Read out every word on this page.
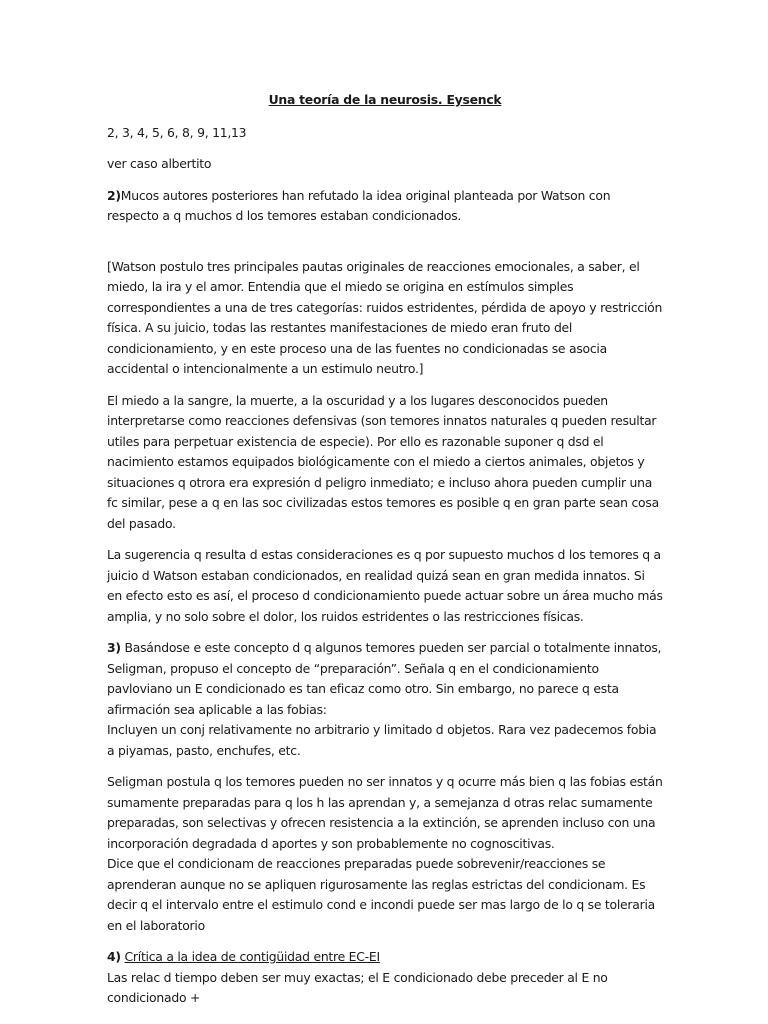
Una teoría de la neurosis. Eysenck
2, 3, 4, 5, 6, 8, 9, 11,13
ver caso albertito
2)Mucos autores posteriores han refutado la idea original planteada por Watson con respecto a q muchos d los temores estaban condicionados.
[Watson postulo tres principales pautas originales de reacciones emocionales, a saber, el miedo, la ira y el amor. Entendia que el miedo se origina en estímulos simples correspondientes a una de tres categorías: ruidos estridentes, pérdida de apoyo y restricción física. A su juicio, todas las restantes manifestaciones de miedo eran fruto del condicionamiento, y en este proceso una de las fuentes no condicionadas se asocia accidental o intencionalmente a un estimulo neutro.]
El miedo a la sangre, la muerte, a la oscuridad y a los lugares desconocidos pueden interpretarse como reacciones defensivas (son temores innatos naturales q pueden resultar utiles para perpetuar existencia de especie). Por ello es razonable suponer q dsd el nacimiento estamos equipados biológicamente con el miedo a ciertos animales, objetos y situaciones q otrora era expresión d peligro inmediato; e incluso ahora pueden cumplir una fc similar, pese a q en las soc civilizadas estos temores es posible q en gran parte sean cosa del pasado.
La sugerencia q resulta d estas consideraciones es q por supuesto muchos d los temores q a juicio d Watson estaban condicionados, en realidad quizá sean en gran medida innatos. Si en efecto esto es así, el proceso d condicionamiento puede actuar sobre un área mucho más amplia, y no solo sobre el dolor, los ruidos estridentes o las restricciones físicas.
3) Basándose e este concepto d q algunos temores pueden ser parcial o totalmente innatos, Seligman, propuso el concepto de “preparación”. Señala q en el condicionamiento pavloviano un E condicionado es tan eficaz como otro. Sin embargo, no parece q esta afirmación sea aplicable a las fobias:
Incluyen un conj relativamente no arbitrario y limitado d objetos. Rara vez padecemos fobia a piyamas, pasto, enchufes, etc.
Seligman postula q los temores pueden no ser innatos y q ocurre más bien q las fobias están sumamente preparadas para q los h las aprendan y, a semejanza d otras relac sumamente preparadas, son selectivas y ofrecen resistencia a la extinción, se aprenden incluso con una incorporación degradada d aportes y son probablemente no cognoscitivas.
Dice que el condicionam de reacciones preparadas puede sobrevenir/reacciones se aprenderan aunque no se apliquen rigurosamente las reglas estrictas del condicionam. Es decir q el intervalo entre el estimulo cond e incondi puede ser mas largo de lo q se toleraria en el laboratorio
4) Crítica a la idea de contigüidad entre EC-EI
Las relac d tiempo deben ser muy exactas; el E condicionado debe preceder al E no condicionado +
